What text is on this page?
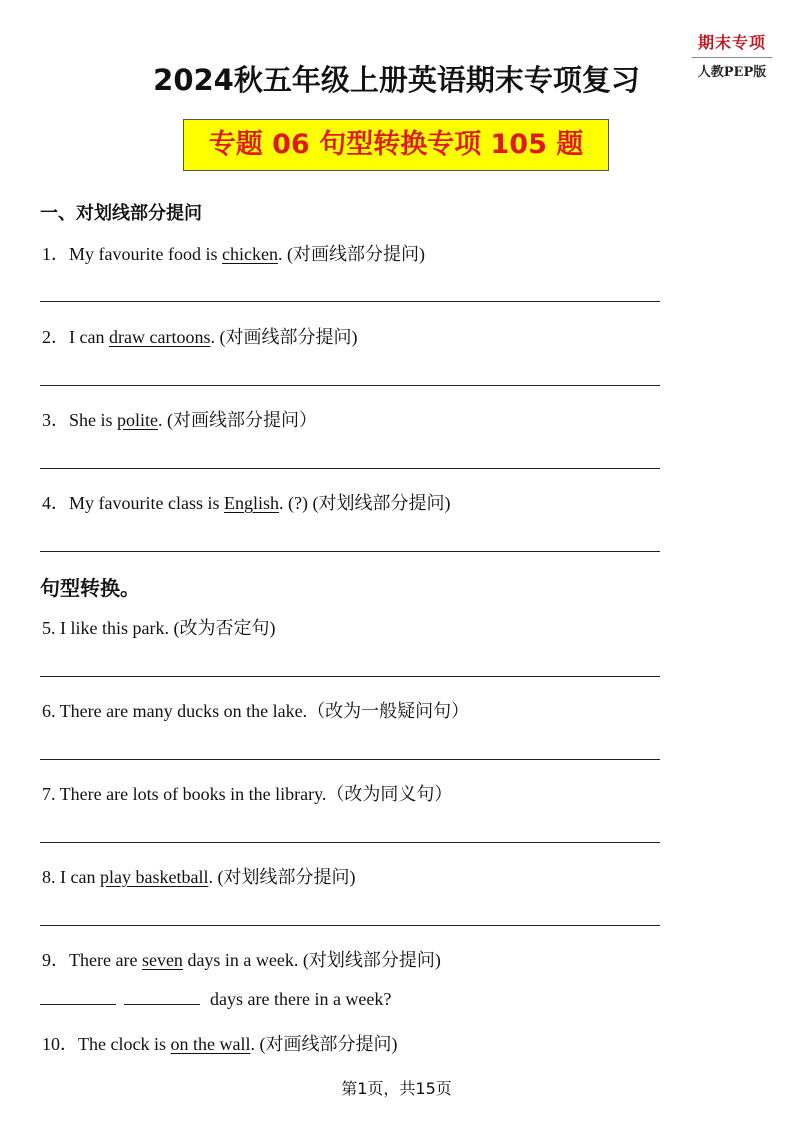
期末专项
人教PEP版
2024秋五年级上册英语期末专项复习
专题 06 句型转换专项 105 题
一、对划线部分提问
1．My favourite food is chicken. (对画线部分提问)
2．I can draw cartoons. (对画线部分提问)
3．She is polite. (对画线部分提问）
4．My favourite class is English. (?) (对划线部分提问)
句型转换。
5. I like this park. (改为否定句)
6. There are many ducks on the lake.（改为一般疑问句）
7. There are lots of books in the library.（改为同义句）
8. I can play basketball. (对划线部分提问)
9．There are seven days in a week. (对划线部分提问)
days are there in a week?
10．The clock is on the wall. (对画线部分提问)
第1页，共15页
